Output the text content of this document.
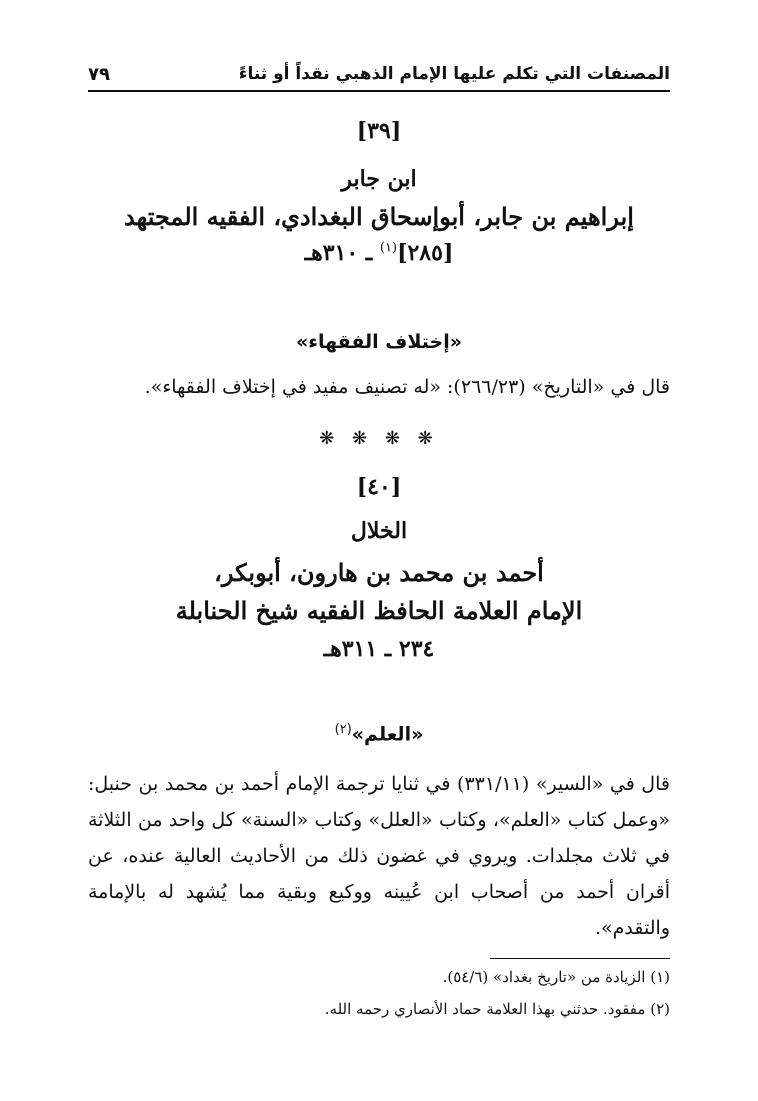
المصنفات التي تكلم عليها الإمام الذهبي نقداً أو ثناءً
٧٩
[٣٩]
ابن جابر
إبراهيم بن جابر، أبوإسحاق البغدادي، الفقيه المجتهد
[٢٨٥]$^{(١)}$ ـ ٣١٠هـ
«إختلاف الفقهاء»
قال في «التاريخ» (٢٦٦/٢٣): «له تصنيف مفيد في إختلاف الفقهاء».
❋ ❋ ❋ ❋
[٤٠]
الخلال
أحمد بن محمد بن هارون، أبوبكر،
الإمام العلامة الحافظ الفقيه شيخ الحنابلة
٢٣٤ ـ ٣١١هـ
«العلم»$^{(٢)}$
قال في «السير» (٣٣١/١١) في ثنايا ترجمة الإمام أحمد بن محمد بن حنبل: «وعمل كتاب «العلم»، وكتاب «العلل» وكتاب «السنة» كل واحد من الثلاثة في ثلاث مجلدات. ويروي في غضون ذلك من الأحاديث العالية عنده، عن أقران أحمد من أصحاب ابن عُيينه ووكيع وبقية مما يُشهد له بالإمامة والتقدم».
(١) الزيادة من «تاريخ بغداد» (٥٤/٦).
(٢) مفقود. حدثني بهذا العلامة حماد الأنصاري رحمه الله.
